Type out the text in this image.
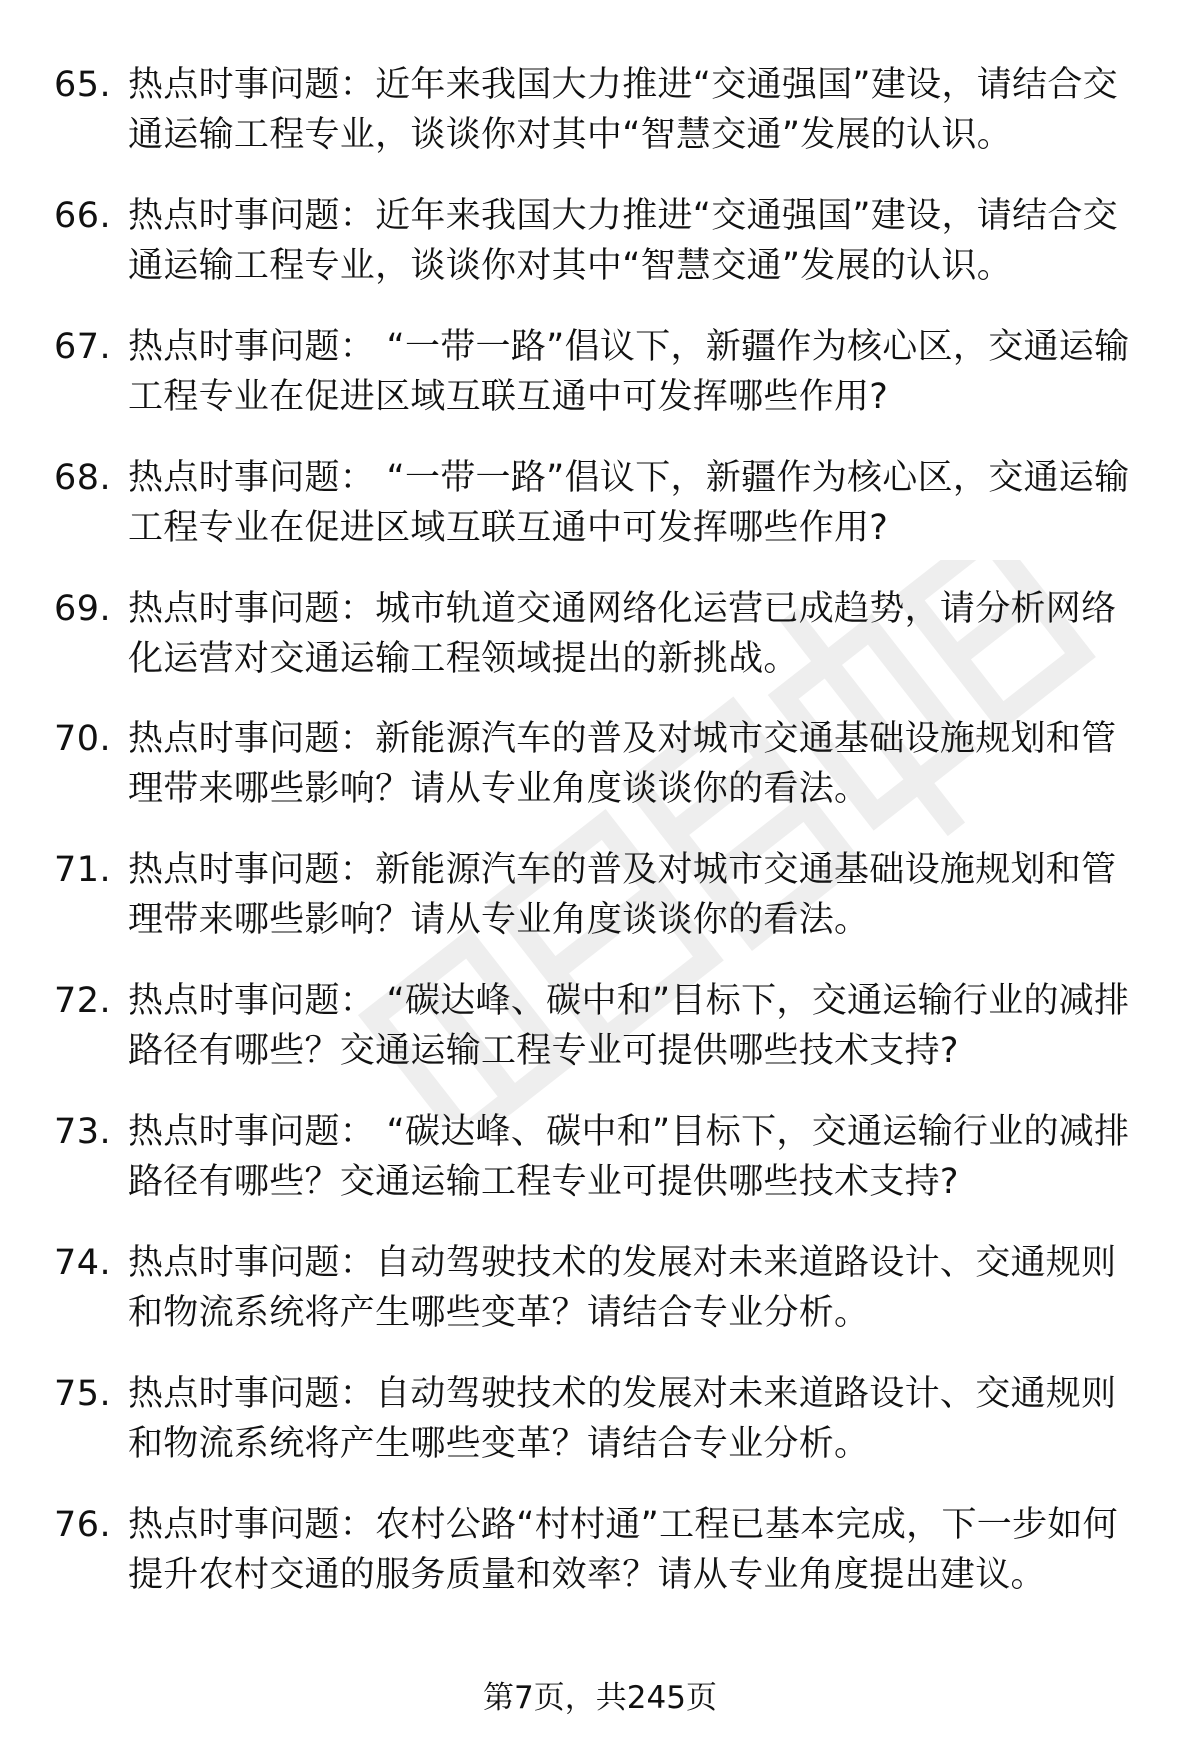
65. 热点时事问题：近年来我国大力推进“交通强国”建设，请结合交通运输工程专业，谈谈你对其中“智慧交通”发展的认识。
66. 热点时事问题：近年来我国大力推进“交通强国”建设，请结合交通运输工程专业，谈谈你对其中“智慧交通”发展的认识。
67. 热点时事问题： “一带一路”倡议下，新疆作为核心区，交通运输工程专业在促进区域互联互通中可发挥哪些作用?
68. 热点时事问题： “一带一路”倡议下，新疆作为核心区，交通运输工程专业在促进区域互联互通中可发挥哪些作用?
69. 热点时事问题：城市轨道交通网络化运营已成趋势，请分析网络化运营对交通运输工程领域提出的新挑战。
70. 热点时事问题：新能源汽车的普及对城市交通基础设施规划和管理带来哪些影响？请从专业角度谈谈你的看法。
71. 热点时事问题：新能源汽车的普及对城市交通基础设施规划和管理带来哪些影响？请从专业角度谈谈你的看法。
72. 热点时事问题： “碳达峰、碳中和”目标下，交通运输行业的减排路径有哪些？交通运输工程专业可提供哪些技术支持?
73. 热点时事问题： “碳达峰、碳中和”目标下，交通运输行业的减排路径有哪些？交通运输工程专业可提供哪些技术支持?
74. 热点时事问题：自动驾驶技术的发展对未来道路设计、交通规则和物流系统将产生哪些变革？请结合专业分析。
75. 热点时事问题：自动驾驶技术的发展对未来道路设计、交通规则和物流系统将产生哪些变革？请结合专业分析。
76. 热点时事问题：农村公路“村村通”工程已基本完成，下一步如何提升农村交通的服务质量和效率？请从专业角度提出建议。
第7页，共245页
